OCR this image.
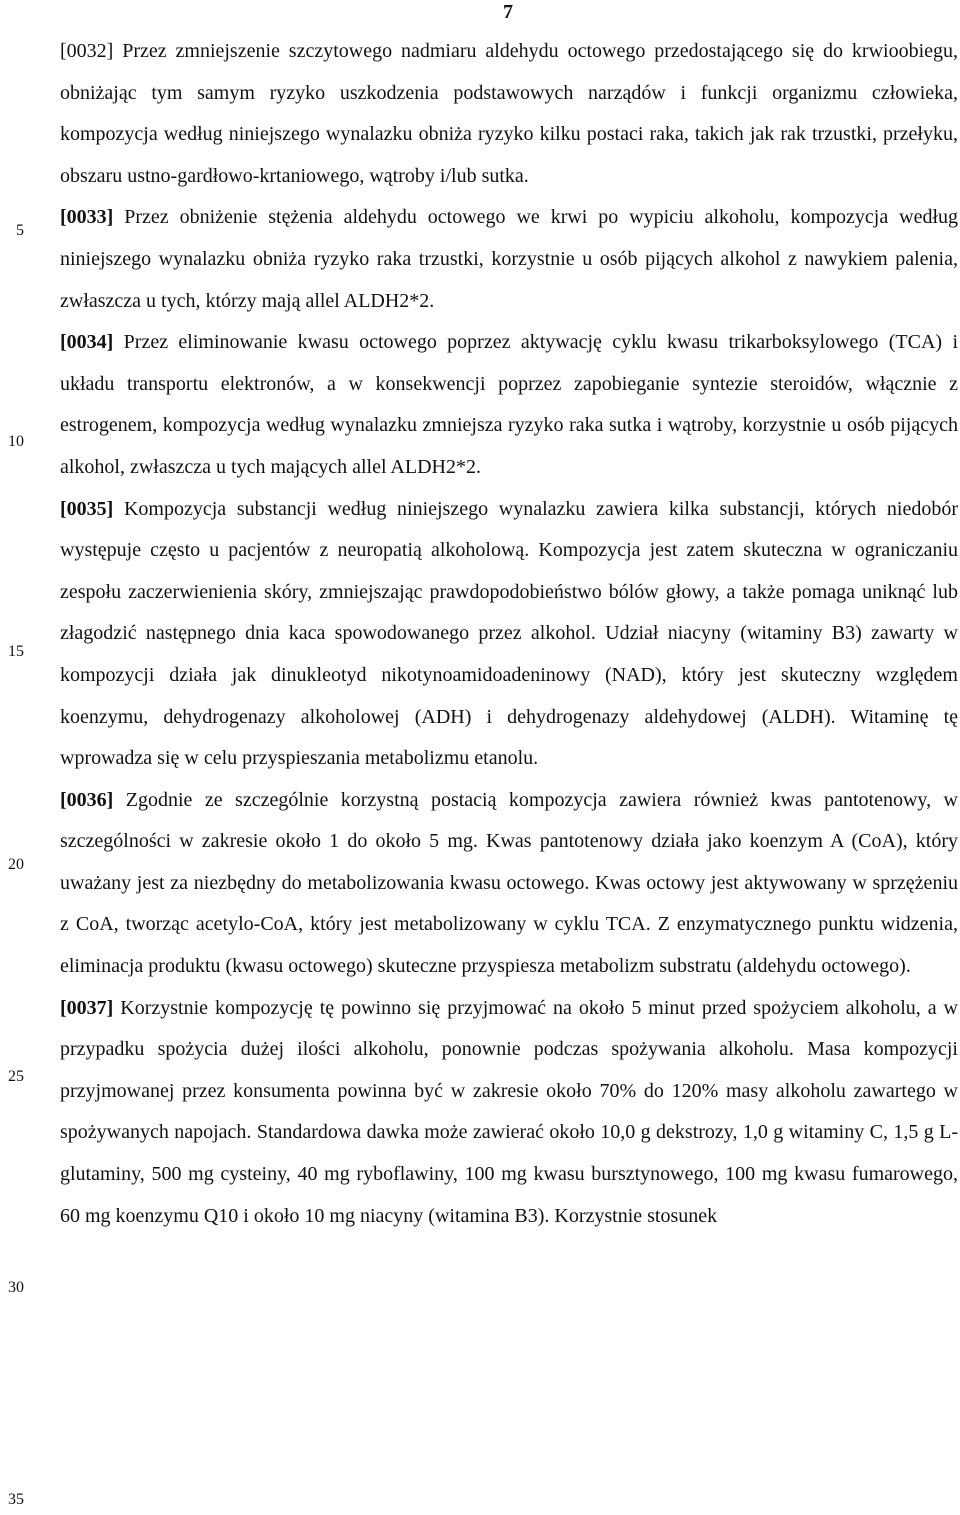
7
5
10
15
20
25
30
35

[0032] Przez zmniejszenie szczytowego nadmiaru aldehydu octowego przedostającego się do krwioobiegu, obniżając tym samym ryzyko uszkodzenia podstawowych narządów i funkcji organizmu człowieka, kompozycja według niniejszego wynalazku obniża ryzyko kilku postaci raka, takich jak rak trzustki, przełyku, obszaru ustno-gardłowo-krtaniowego, wątroby i/lub sutka.

[0033] Przez obniżenie stężenia aldehydu octowego we krwi po wypiciu alkoholu, kompozycja według niniejszego wynalazku obniża ryzyko raka trzustki, korzystnie u osób pijących alkohol z nawykiem palenia, zwłaszcza u tych, którzy mają allel ALDH2*2.

[0034] Przez eliminowanie kwasu octowego poprzez aktywację cyklu kwasu trikarboksylowego (TCA) i układu transportu elektronów, a w konsekwencji poprzez zapobieganie syntezie steroidów, włącznie z estrogenem, kompozycja według wynalazku zmniejsza ryzyko raka sutka i wątroby, korzystnie u osób pijących alkohol, zwłaszcza u tych mających allel ALDH2*2.

[0035] Kompozycja substancji według niniejszego wynalazku zawiera kilka substancji, których niedobór występuje często u pacjentów z neuropatią alkoholową. Kompozycja jest zatem skuteczna w ograniczaniu zespołu zaczerwienienia skóry, zmniejszając prawdopodobieństwo bólów głowy, a także pomaga uniknąć lub złagodzić następnego dnia kaca spowodowanego przez alkohol. Udział niacyny (witaminy B3) zawarty w kompozycji działa jak dinukleotyd nikotynoamidoadeninowy (NAD), który jest skuteczny względem koenzymu, dehydrogenazy alkoholowej (ADH) i dehydrogenazy aldehydowej (ALDH). Witaminę tę wprowadza się w celu przyspieszania metabolizmu etanolu.

[0036] Zgodnie ze szczególnie korzystną postacią kompozycja zawiera również kwas pantotenowy, w szczególności w zakresie około 1 do około 5 mg. Kwas pantotenowy działa jako koenzym A (CoA), który uważany jest za niezbędny do metabolizowania kwasu octowego. Kwas octowy jest aktywowany w sprzężeniu z CoA, tworząc acetylo-CoA, który jest metabolizowany w cyklu TCA. Z enzymatycznego punktu widzenia, eliminacja produktu (kwasu octowego) skuteczne przyspiesza metabolizm substratu (aldehydu octowego).

[0037] Korzystnie kompozycję tę powinno się przyjmować na około 5 minut przed spożyciem alkoholu, a w przypadku spożycia dużej ilości alkoholu, ponownie podczas spożywania alkoholu. Masa kompozycji przyjmowanej przez konsumenta powinna być w zakresie około 70% do 120% masy alkoholu zawartego w spożywanych napojach. Standardowa dawka może zawierać około 10,0 g dekstrozy, 1,0 g witaminy C, 1,5 g L-glutaminy, 500 mg cysteiny, 40 mg ryboflawiny, 100 mg kwasu bursztynowego, 100 mg kwasu fumarowego, 60 mg koenzymu Q10 i około 10 mg niacyny (witamina B3). Korzystnie stosunek
